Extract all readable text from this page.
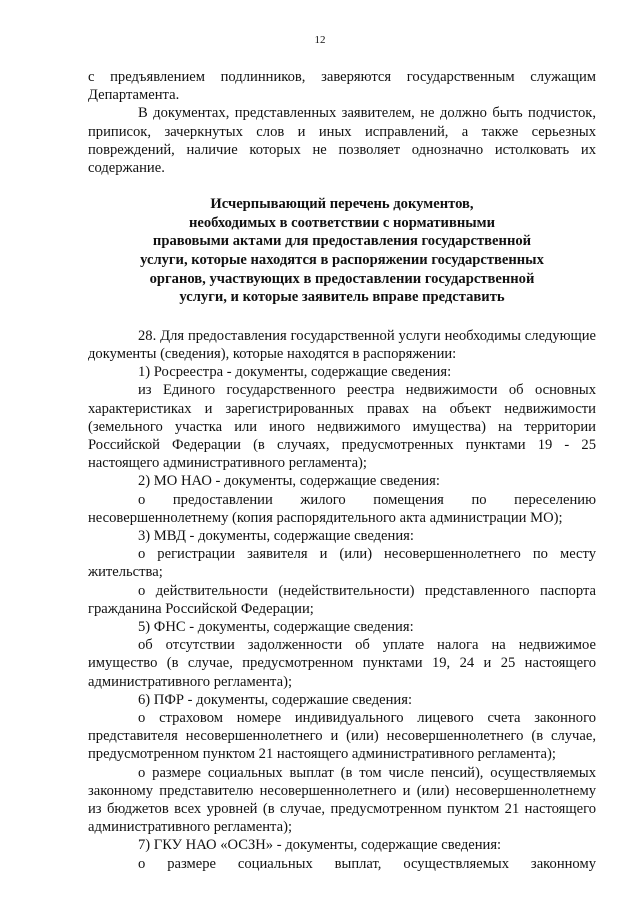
12

с предъявлением подлинников, заверяются государственным служащим Департамента.

В документах, представленных заявителем, не должно быть подчисток, приписок, зачеркнутых слов и иных исправлений, а также серьезных повреждений, наличие которых не позволяет однозначно истолковать их содержание.

Исчерпывающий перечень документов,
необходимых в соответствии с нормативными
правовыми актами для предоставления государственной
услуги, которые находятся в распоряжении государственных
органов, участвующих в предоставлении государственной
услуги, и которые заявитель вправе представить

28. Для предоставления государственной услуги необходимы следующие документы (сведения), которые находятся в распоряжении:

1) Росреестра - документы, содержащие сведения:

из Единого государственного реестра недвижимости об основных характеристиках и зарегистрированных правах на объект недвижимости (земельного участка или иного недвижимого имущества) на территории Российской Федерации (в случаях, предусмотренных пунктами 19 - 25 настоящего административного регламента);

2) МО НАО - документы, содержащие сведения:

о предоставлении жилого помещения по переселению несовершеннолетнему (копия распорядительного акта администрации МО);

3) МВД - документы, содержащие сведения:

о регистрации заявителя и (или) несовершеннолетнего по месту жительства;

о действительности (недействительности) представленного паспорта гражданина Российской Федерации;

5) ФНС - документы, содержащие сведения:

об отсутствии задолженности об уплате налога на недвижимое имущество (в случае, предусмотренном пунктами 19, 24 и 25 настоящего административного регламента);

6) ПФР - документы, содержашие сведения:

о страховом номере индивидуального лицевого счета законного представителя несовершеннолетнего и (или) несовершеннолетнего (в случае, предусмотренном пунктом 21 настоящего административного регламента);

о размере социальных выплат (в том числе пенсий), осуществляемых законному представителю несовершеннолетнего и (или) несовершеннолетнему из бюджетов всех уровней (в случае, предусмотренном пунктом 21 настоящего административного регламента);

7) ГКУ НАО «ОСЗН» - документы, содержащие сведения:

о размере социальных выплат, осуществляемых законному
